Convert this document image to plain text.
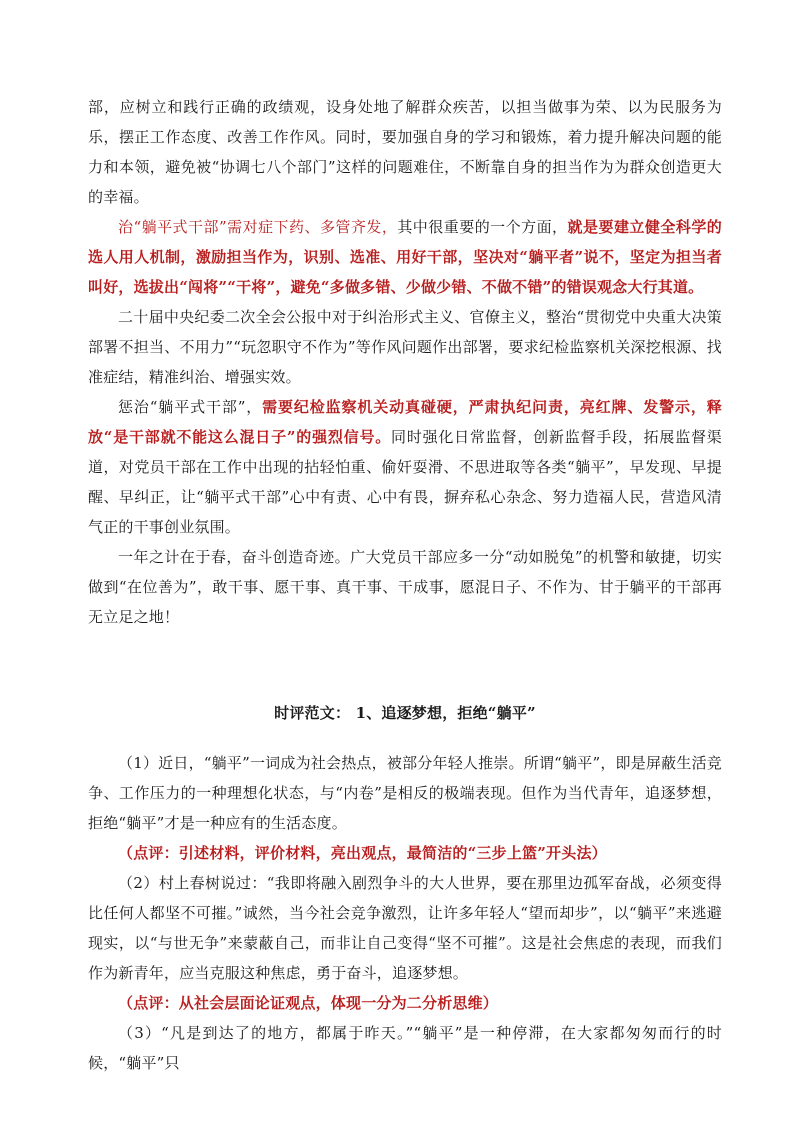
部，应树立和践行正确的政绩观，设身处地了解群众疾苦，以担当做事为荣、以为民服务为乐，摆正工作态度、改善工作作风。同时，要加强自身的学习和锻炼，着力提升解决问题的能力和本领，避免被“协调七八个部门”这样的问题难住，不断靠自身的担当作为为群众创造更大的幸福。

治“躺平式干部”需对症下药、多管齐发，其中很重要的一个方面，就是要建立健全科学的选人用人机制，激励担当作为，识别、选准、用好干部，坚决对“躺平者”说不，坚定为担当者叫好，选拔出“闯将”“干将”，避免“多做多错、少做少错、不做不错”的错误观念大行其道。

二十届中央纪委二次全会公报中对于纠治形式主义、官僚主义，整治“贯彻党中央重大决策部署不担当、不用力”“玩忽职守不作为”等作风问题作出部署，要求纪检监察机关深挖根源、找准症结，精准纠治、增强实效。

惩治“躺平式干部”，需要纪检监察机关动真碰硬，严肃执纪问责，亮红牌、发警示，释放“是干部就不能这么混日子”的强烈信号。同时强化日常监督，创新监督手段，拓展监督渠道，对党员干部在工作中出现的拈轻怕重、偷奸耍滑、不思进取等各类“躺平”，早发现、早提醒、早纠正，让“躺平式干部”心中有责、心中有畏，摒弃私心杂念、努力造福人民，营造风清气正的干事创业氛围。

一年之计在于春，奋斗创造奇迹。广大党员干部应多一分“动如脱兔”的机警和敏捷，切实做到“在位善为”，敢干事、愿干事、真干事、干成事，愿混日子、不作为、甘于躺平的干部再无立足之地！

时评范文： 1、追逐梦想，拒绝“躺平”

（1）近日，“躺平”一词成为社会热点，被部分年轻人推崇。所谓“躺平”，即是屏蔽生活竞争、工作压力的一种理想化状态，与“内卷”是相反的极端表现。但作为当代青年，追逐梦想，拒绝“躺平”才是一种应有的生活态度。

（点评：引述材料，评价材料，亮出观点，最简洁的“三步上篮”开头法）

（2）村上春树说过：“我即将融入剧烈争斗的大人世界，要在那里边孤军奋战，必须变得比任何人都坚不可摧。”诚然，当今社会竞争激烈，让许多年轻人“望而却步”，以“躺平”来逃避现实，以“与世无争”来蒙蔽自己，而非让自己变得“坚不可摧”。这是社会焦虑的表现，而我们作为新青年，应当克服这种焦虑，勇于奋斗，追逐梦想。

（点评：从社会层面论证观点，体现一分为二分析思维）

（3）“凡是到达了的地方，都属于昨天。”“躺平”是一种停滞，在大家都匆匆而行的时候，“躺平”只
